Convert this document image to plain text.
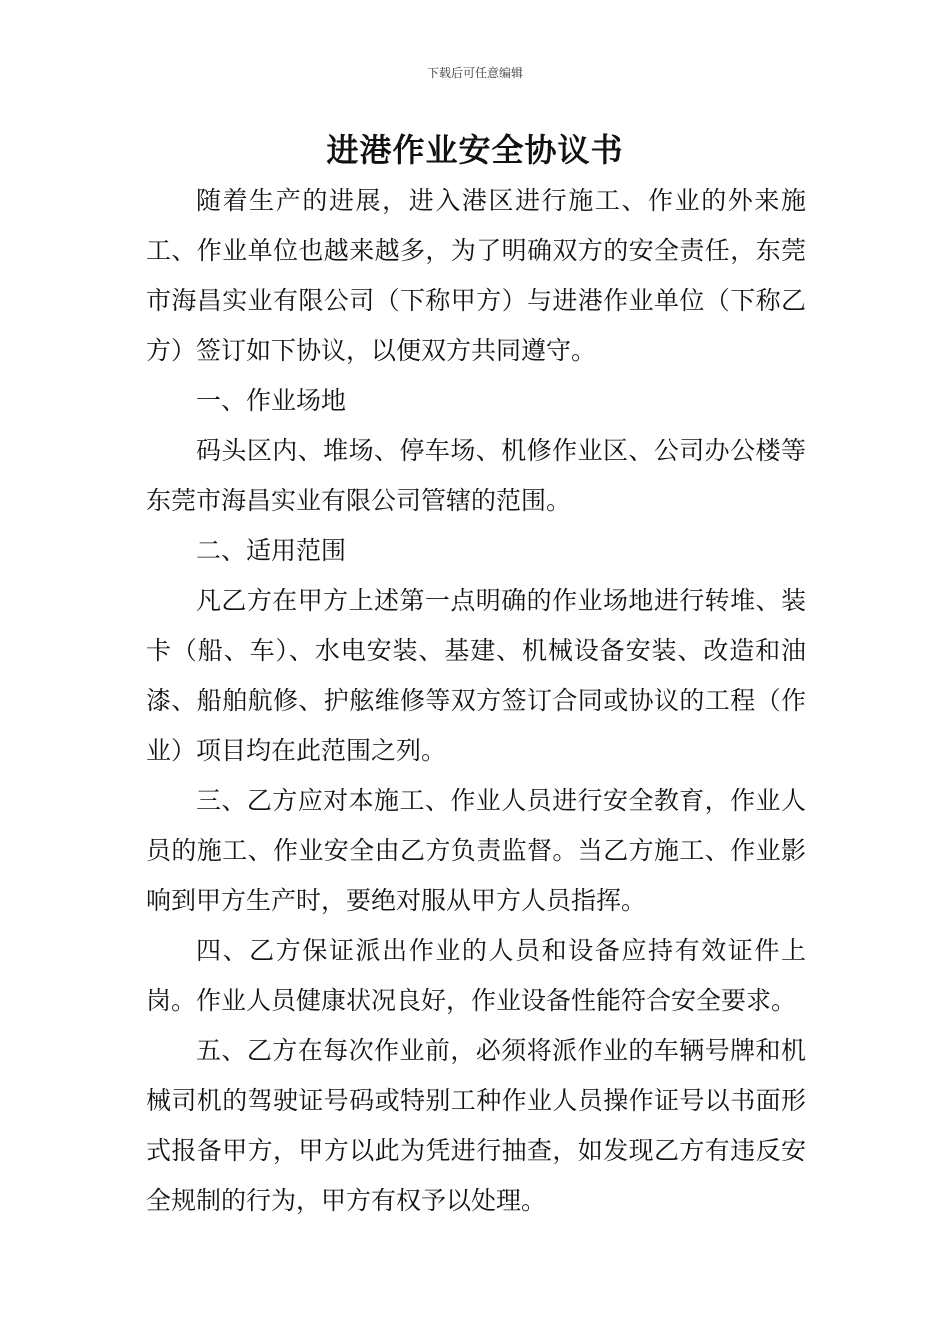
下载后可任意编辑
进港作业安全协议书

随着生产的进展，进入港区进行施工、作业的外来施工、作业单位也越来越多，为了明确双方的安全责任，东莞市海昌实业有限公司（下称甲方）与进港作业单位（下称乙方）签订如下协议，以便双方共同遵守。

一、作业场地

码头区内、堆场、停车场、机修作业区、公司办公楼等东莞市海昌实业有限公司管辖的范围。

二、适用范围

凡乙方在甲方上述第一点明确的作业场地进行转堆、装卡（船、车）、水电安装、基建、机械设备安装、改造和油漆、船舶航修、护舷维修等双方签订合同或协议的工程（作业）项目均在此范围之列。

三、乙方应对本施工、作业人员进行安全教育，作业人员的施工、作业安全由乙方负责监督。当乙方施工、作业影响到甲方生产时，要绝对服从甲方人员指挥。

四、乙方保证派出作业的人员和设备应持有效证件上岗。作业人员健康状况良好，作业设备性能符合安全要求。

五、乙方在每次作业前，必须将派作业的车辆号牌和机械司机的驾驶证号码或特别工种作业人员操作证号以书面形式报备甲方，甲方以此为凭进行抽查，如发现乙方有违反安全规制的行为，甲方有权予以处理。
